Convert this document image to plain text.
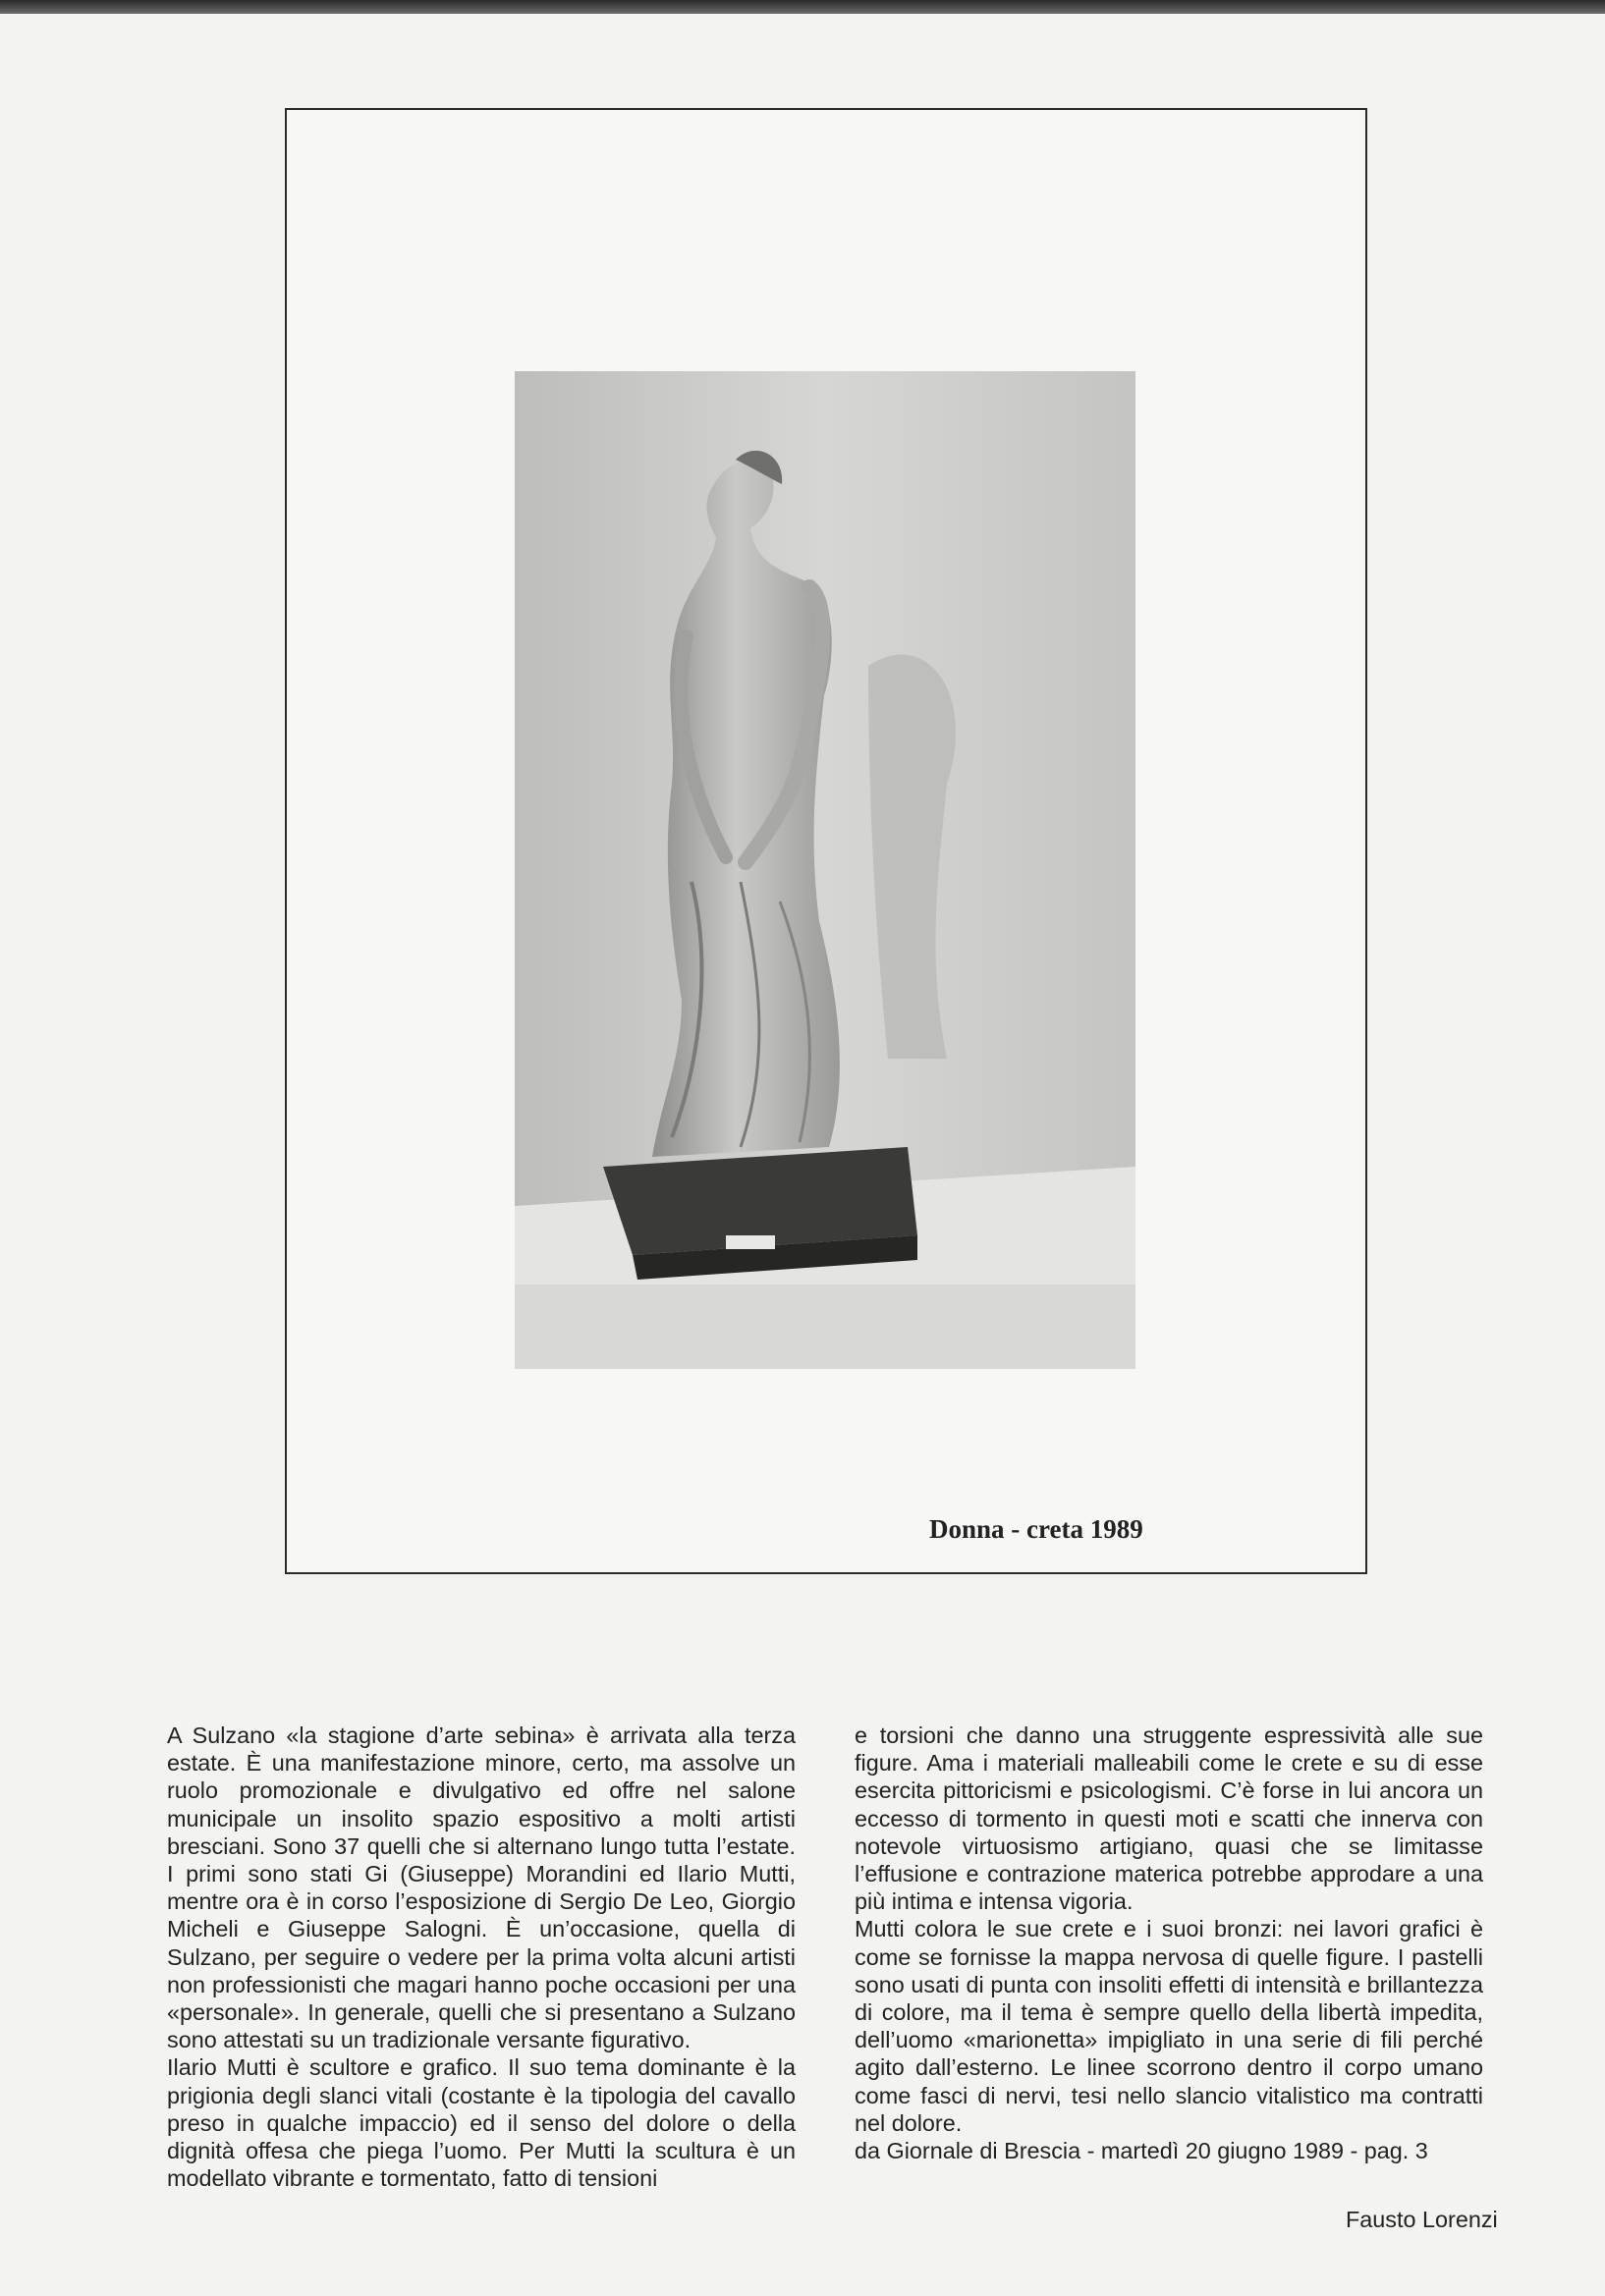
Donna - creta 1989

A Sulzano «la stagione d’arte sebina» è arrivata alla terza estate. È una manifestazione minore, certo, ma assolve un ruolo promozionale e divulgativo ed offre nel salone municipale un insolito spazio espositivo a molti artisti bresciani. Sono 37 quelli che si alternano lungo tutta l’estate. I primi sono stati Gi (Giuseppe) Morandini ed Ilario Mutti, mentre ora è in corso l’esposizione di Sergio De Leo, Giorgio Micheli e Giuseppe Salogni. È un’occasione, quella di Sulzano, per seguire o vedere per la prima volta alcuni artisti non professionisti che magari hanno poche occasioni per una «personale». In generale, quelli che si presentano a Sulzano sono attestati su un tradizionale versante figurativo.

Ilario Mutti è scultore e grafico. Il suo tema dominante è la prigionia degli slanci vitali (costante è la tipologia del cavallo preso in qualche impaccio) ed il senso del dolore o della dignità offesa che piega l’uomo. Per Mutti la scultura è un modellato vibrante e tormentato, fatto di tensioni

e torsioni che danno una struggente espressività alle sue figure. Ama i materiali malleabili come le crete e su di esse esercita pittoricismi e psicologismi. C’è forse in lui ancora un eccesso di tormento in questi moti e scatti che innerva con notevole virtuosismo artigiano, quasi che se limitasse l’effusione e contrazione materica potrebbe approdare a una più intima e intensa vigoria.

Mutti colora le sue crete e i suoi bronzi: nei lavori grafici è come se fornisse la mappa nervosa di quelle figure. I pastelli sono usati di punta con insoliti effetti di intensità e brillantezza di colore, ma il tema è sempre quello della libertà impedita, dell’uomo «marionetta» impigliato in una serie di fili perché agito dall’esterno. Le linee scorrono dentro il corpo umano come fasci di nervi, tesi nello slancio vitalistico ma contratti nel dolore.

da Giornale di Brescia - martedì 20 giugno 1989 - pag. 3

Fausto Lorenzi
